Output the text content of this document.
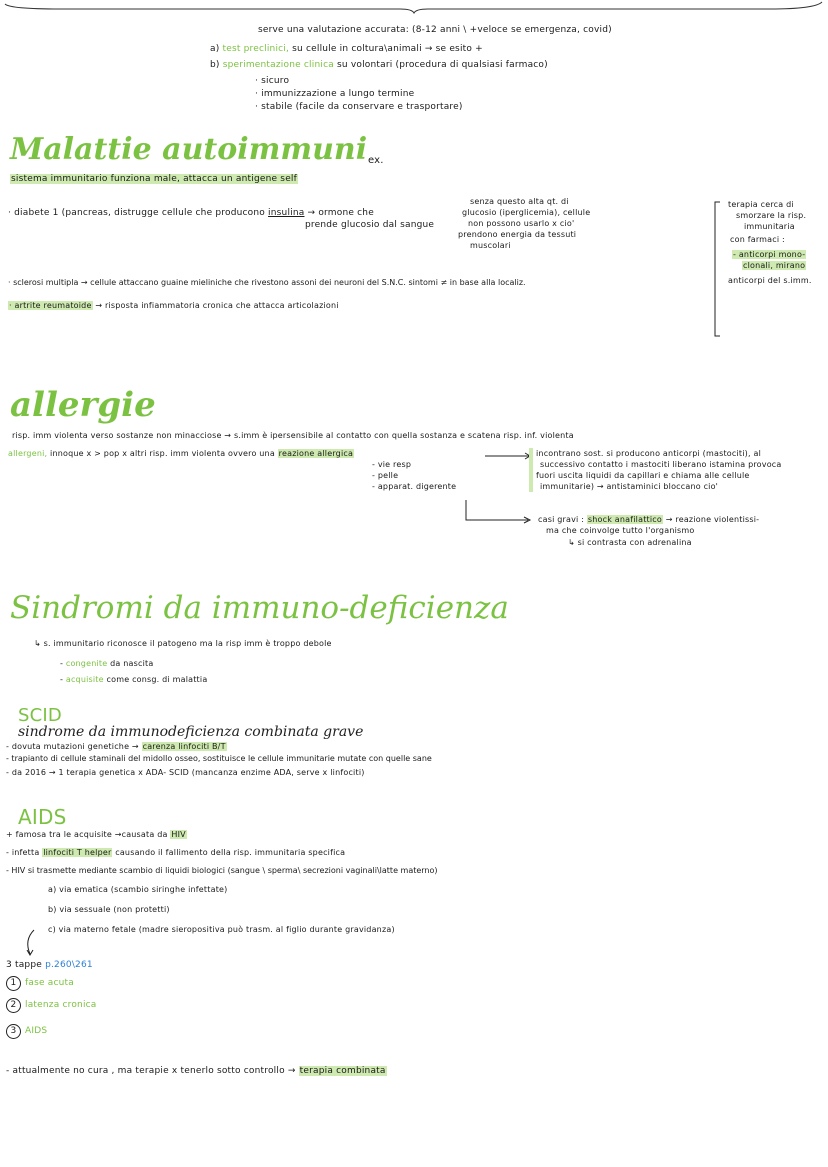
serve una valutazione accurata: (8-12 anni \ +veloce se emergenza, covid)
a) test preclinici, su cellule in coltura\animali → se esito +
b) sperimentazione clinica su volontari (procedura di qualsiasi farmaco)
· sicuro
· immunizzazione a lungo termine
· stabile (facile da conservare e trasportare)
Malattie autoimmuni ex.
sistema immunitario funziona male, attacca un antigene self
· diabete 1 (pancreas, distrugge cellule che producono insulina → ormone che
prende glucosio dal sangue
senza questo alta qt. di
glucosio (iperglicemia), cellule
non possono usarlo x cio'
prendono energia da tessuti
muscolari
· sclerosi multipla → cellule attaccano guaine mieliniche che rivestono assoni dei neuroni del S.N.C. sintomi ≠ in base alla localiz.
· artrite reumatoide → risposta infiammatoria cronica che attacca articolazioni
terapia cerca di
smorzare la risp.
immunitaria
con farmaci :
- anticorpi mono-
clonali, mirano
anticorpi del s.imm.
allergie
risp. imm violenta verso sostanze non minacciose → s.imm è ipersensibile al contatto con quella sostanza e scatena risp. inf. violenta
allergeni, innoque x > pop x altri risp. imm violenta ovvero una reazione allergica
- vie resp
- pelle
- apparat. digerente
incontrano sost. si producono anticorpi (mastociti), al
successivo contatto i mastociti liberano istamina provoca
fuori uscita liquidi da capillari e chiama alle cellule
immunitarie) → antistaminici bloccano cio'
casi gravi : shock anafilattico → reazione violentissi-
ma che coinvolge tutto l'organismo
↳ si contrasta con adrenalina
Sindromi da immuno-deficienza
↳ s. immunitario riconosce il patogeno ma la risp imm è troppo debole
- congenite da nascita
- acquisite come consg. di malattia
SCID
sindrome da immunodeficienza combinata grave
- dovuta mutazioni genetiche → carenza linfociti B/T
- trapianto di cellule staminali del midollo osseo, sostituisce le cellule immunitarie mutate con quelle sane
- da 2016 → 1 terapia genetica x ADA- SCID (mancanza enzime ADA, serve x linfociti)
AIDS
+ famosa tra le acquisite →causata da HIV
- infetta linfociti T helper causando il fallimento della risp. immunitaria specifica
- HIV si trasmette mediante scambio di liquidi biologici (sangue \ sperma\ secrezioni vaginali\latte materno)
a) via ematica (scambio siringhe infettate)
b) via sessuale (non protetti)
c) via materno fetale (madre sieropositiva può trasm. al figlio durante gravidanza)
3 tappe p.260\261
1 fase acuta
2 latenza cronica
3 AIDS
- attualmente no cura , ma terapie x tenerlo sotto controllo → terapia combinata
